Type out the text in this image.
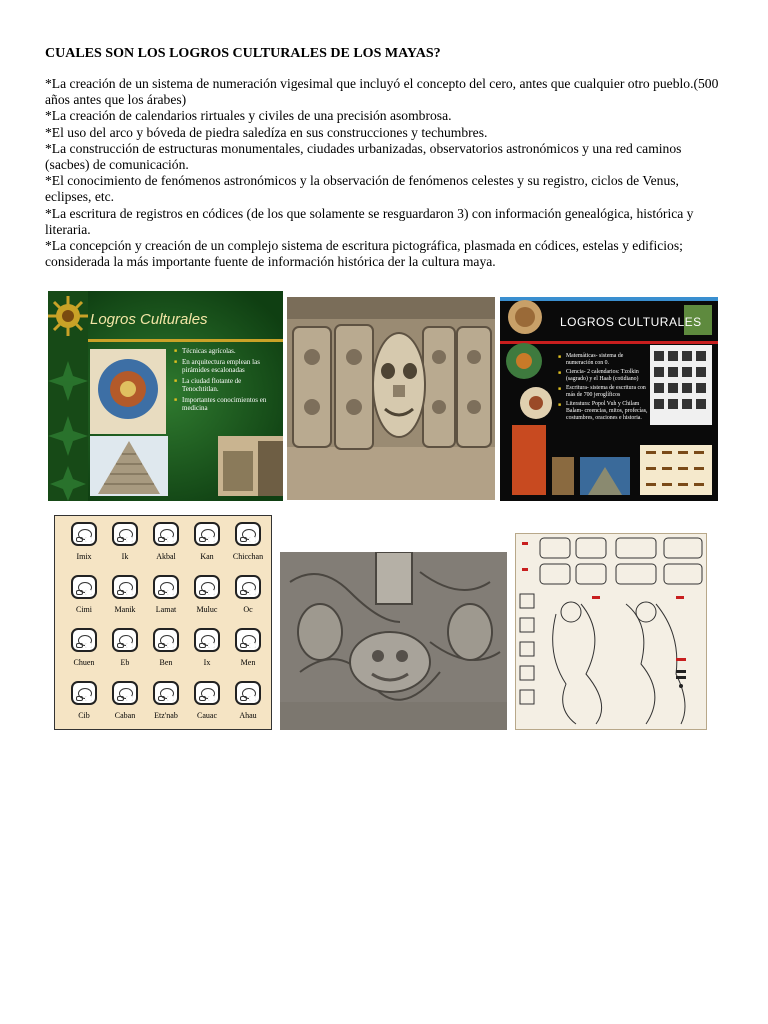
CUALES SON LOS LOGROS CULTURALES DE LOS MAYAS?

*La creación de un sistema de numeración vigesimal que incluyó el concepto del cero, antes que cualquier otro pueblo.(500 años antes que los árabes)

*La creación de calendarios rirtuales y civiles de una precisión asombrosa.

*El uso del arco y bóveda de piedra saledíza en sus construcciones y techumbres.

*La construcción de estructuras monumentales, ciudades urbanizadas, observatorios astronómicos y una red caminos (sacbes) de comunicación.

*El conocimiento de fenómenos astronómicos y la observación de fenómenos celestes y su registro, ciclos de Venus, eclipses, etc.

*La escritura de registros en códices (de los que solamente se resguardaron 3) con información genealógica, histórica y literaria.

*La concepción y creación de un complejo sistema de escritura pictográfica, plasmada en códices, estelas y edificios; considerada la más importante fuente de información histórica der la cultura maya.

Logros Culturales
■ Técnicas agrícolas.
■ En arquitectura emplean las pirámides escalonadas
■ La ciudad flotante de Tenochtitlan.
■ Importantes conocimientos en medicina
LOGROS CULTURALES
■ Matemáticas- sistema de numeración con 0.
■ Ciencia- 2 calendarios: Tzolkin (sagrado) y el Haab (cotidiano)
■ Escritura- sistema de escritura con más de 700 jeroglíficos
■ Literatura: Popol Vuh y Chilam Balam- creencias, mitos, profecías, costumbres, oraciones e historia.
Imix	Ik	Akbal	Kan	Chicchan
Cimi	Manik	Lamat	Muluc	Oc
Chuen	Eb	Ben	Ix	Men
Cib	Caban	Etz'nab	Cauac	Ahau
